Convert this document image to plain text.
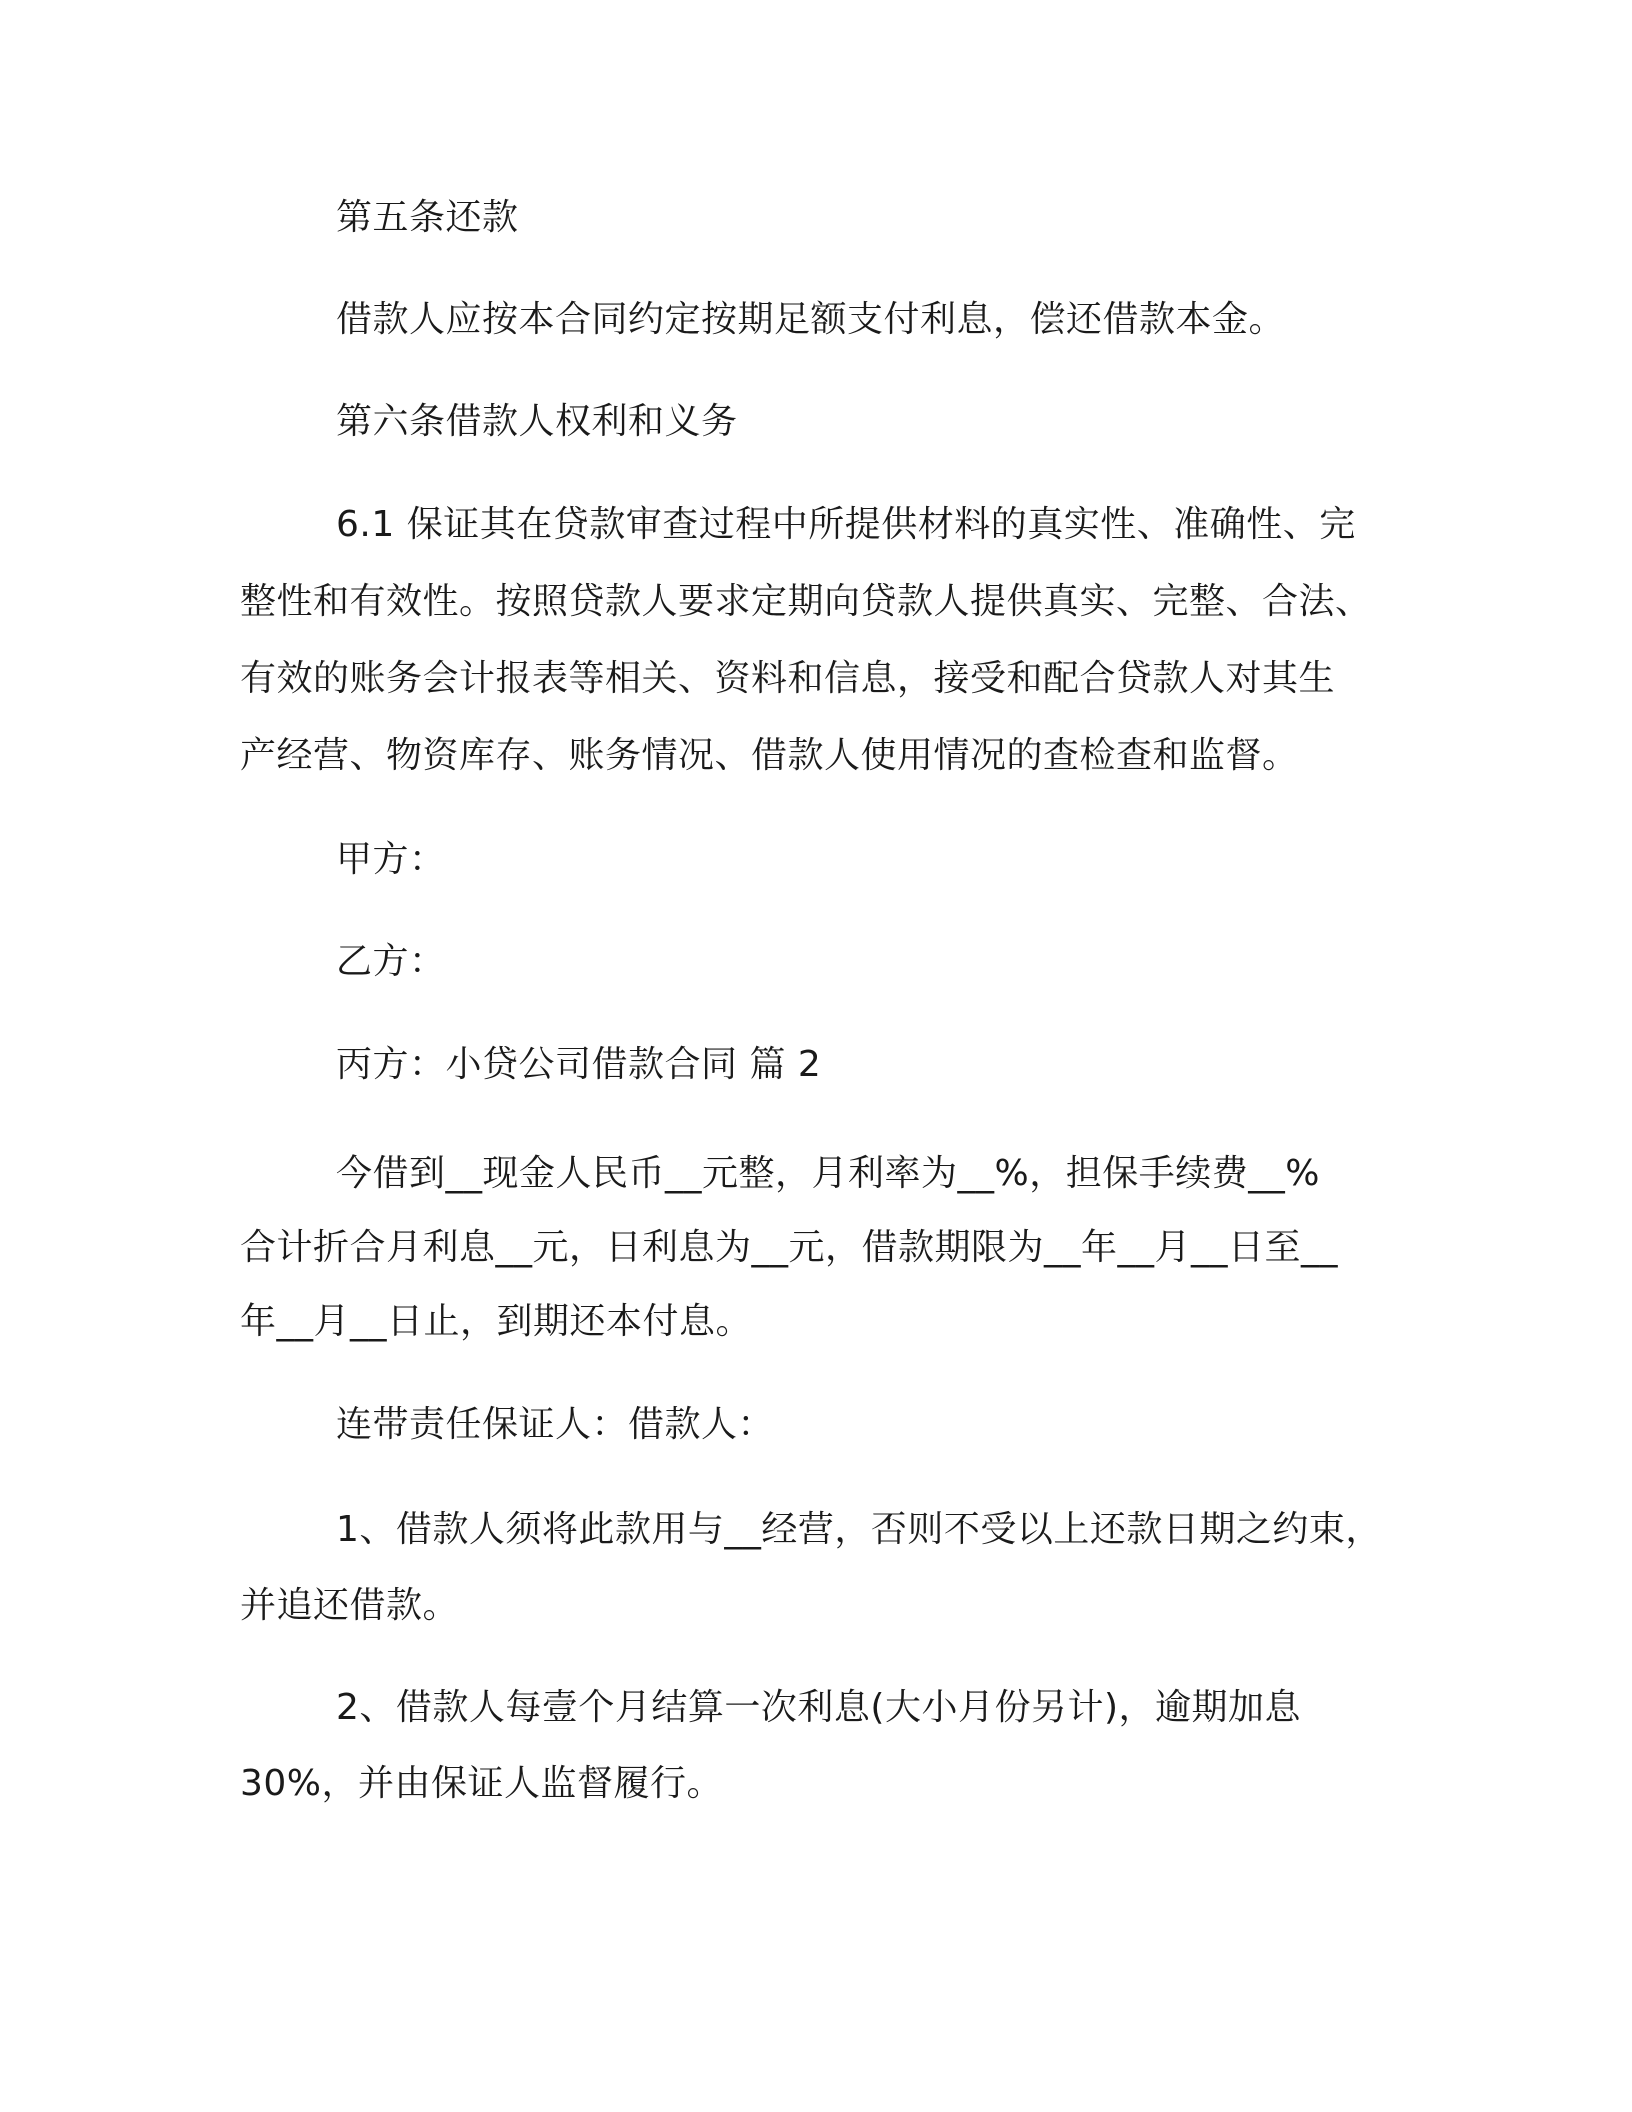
第五条还款

借款人应按本合同约定按期足额支付利息，偿还借款本金。

第六条借款人权利和义务

6.1 保证其在贷款审查过程中所提供材料的真实性、准确性、完

整性和有效性。按照贷款人要求定期向贷款人提供真实、完整、合法、

有效的账务会计报表等相关、资料和信息，接受和配合贷款人对其生

产经营、物资库存、账务情况、借款人使用情况的查检查和监督。

甲方：

乙方：

丙方：小贷公司借款合同 篇 2

今借到__现金人民币__元整，月利率为__%，担保手续费__%

合计折合月利息__元，日利息为__元，借款期限为__年__月__日至__

年__月__日止，到期还本付息。

连带责任保证人：借款人：

1、借款人须将此款用与__经营，否则不受以上还款日期之约束，

并追还借款。

2、借款人每壹个月结算一次利息(大小月份另计)，逾期加息

30%，并由保证人监督履行。
